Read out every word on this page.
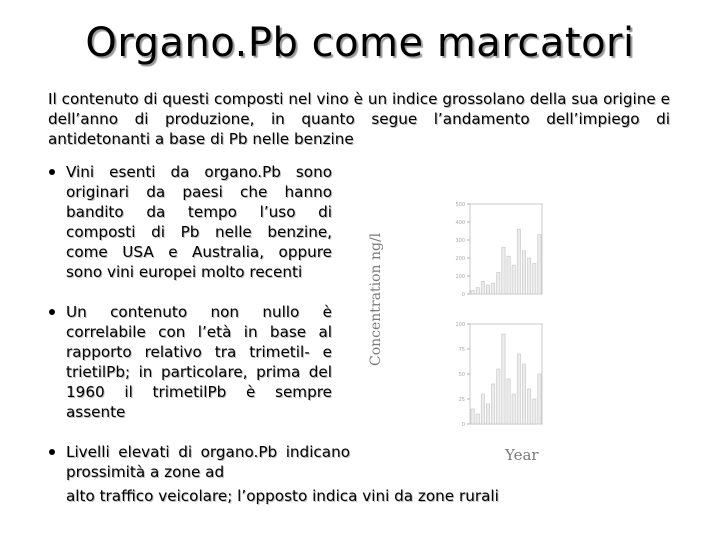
Organo.Pb come marcatori
Il contenuto di questi composti nel vino è un indice grossolano della sua origine e dell’anno di produzione, in quanto segue l’andamento dell’impiego di antidetonanti a base di Pb nelle benzine
Vini esenti da organo.Pb sono originari da paesi che hanno bandito da tempo l’uso di composti di Pb nelle benzine, come USA e Australia, oppure sono vini europei molto recenti
Un contenuto non nullo è correlabile con l’età in base al rapporto relativo tra trimetil- e trietilPb; in particolare, prima del 1960 il trimetilPb è sempre assente
Livelli elevati di organo.Pb indicano prossimità a zone ad
alto traffico veicolare; l’opposto indica vini da zone rurali
Concentration ng/l
Year
500
400
300
200
100
0
100
75
50
25
0
